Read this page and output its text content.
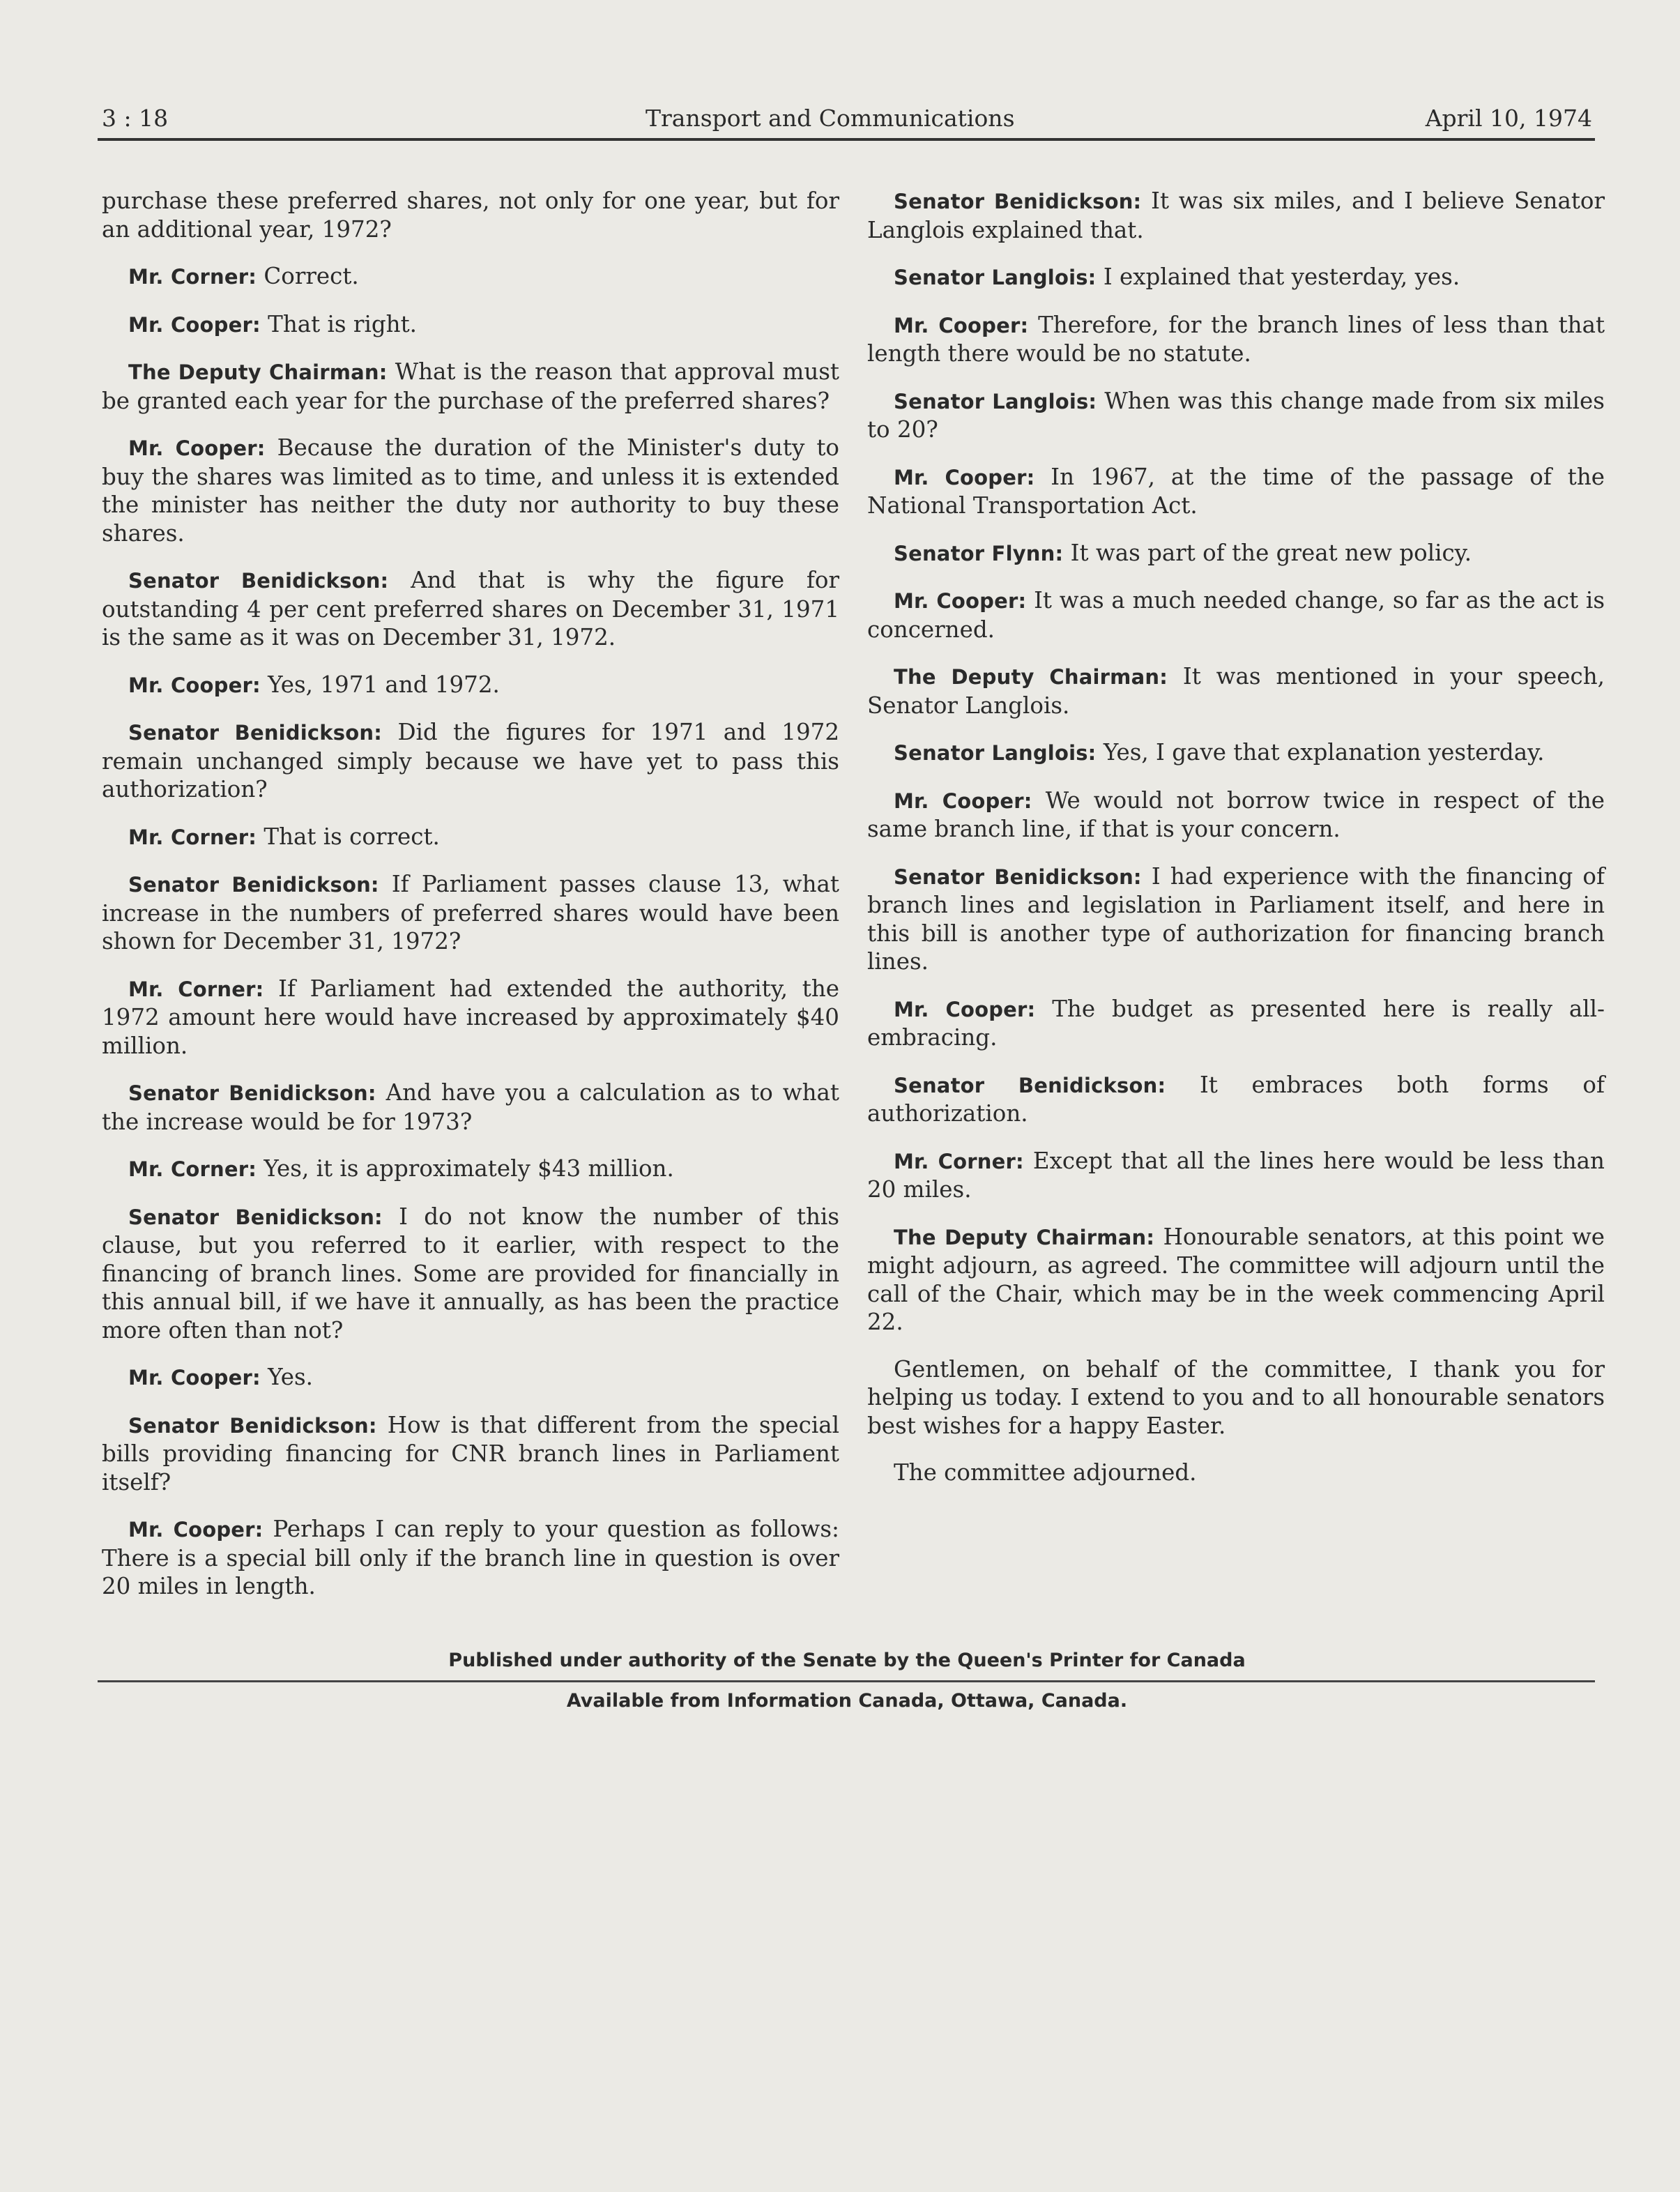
3 : 18	Transport and Communications	April 10, 1974

purchase these preferred shares, not only for one year, but for an additional year, 1972?

Mr. Corner: Correct.

Mr. Cooper: That is right.

The Deputy Chairman: What is the reason that approval must be granted each year for the purchase of the preferred shares?

Mr. Cooper: Because the duration of the Minister's duty to buy the shares was limited as to time, and unless it is extended the minister has neither the duty nor authority to buy these shares.

Senator Benidickson: And that is why the figure for outstanding 4 per cent preferred shares on December 31, 1971 is the same as it was on December 31, 1972.

Mr. Cooper: Yes, 1971 and 1972.

Senator Benidickson: Did the figures for 1971 and 1972 remain unchanged simply because we have yet to pass this authorization?

Mr. Corner: That is correct.

Senator Benidickson: If Parliament passes clause 13, what increase in the numbers of preferred shares would have been shown for December 31, 1972?

Mr. Corner: If Parliament had extended the authority, the 1972 amount here would have increased by approximately $40 million.

Senator Benidickson: And have you a calculation as to what the increase would be for 1973?

Mr. Corner: Yes, it is approximately $43 million.

Senator Benidickson: I do not know the number of this clause, but you referred to it earlier, with respect to the financing of branch lines. Some are provided for financially in this annual bill, if we have it annually, as has been the practice more often than not?

Mr. Cooper: Yes.

Senator Benidickson: How is that different from the special bills providing financing for CNR branch lines in Parliament itself?

Mr. Cooper: Perhaps I can reply to your question as follows: There is a special bill only if the branch line in question is over 20 miles in length.

Senator Benidickson: It was six miles, and I believe Senator Langlois explained that.

Senator Langlois: I explained that yesterday, yes.

Mr. Cooper: Therefore, for the branch lines of less than that length there would be no statute.

Senator Langlois: When was this change made from six miles to 20?

Mr. Cooper: In 1967, at the time of the passage of the National Transportation Act.

Senator Flynn: It was part of the great new policy.

Mr. Cooper: It was a much needed change, so far as the act is concerned.

The Deputy Chairman: It was mentioned in your speech, Senator Langlois.

Senator Langlois: Yes, I gave that explanation yesterday.

Mr. Cooper: We would not borrow twice in respect of the same branch line, if that is your concern.

Senator Benidickson: I had experience with the financing of branch lines and legislation in Parliament itself, and here in this bill is another type of authorization for financing branch lines.

Mr. Cooper: The budget as presented here is really all-embracing.

Senator Benidickson: It embraces both forms of authorization.

Mr. Corner: Except that all the lines here would be less than 20 miles.

The Deputy Chairman: Honourable senators, at this point we might adjourn, as agreed. The committee will adjourn until the call of the Chair, which may be in the week commencing April 22.

Gentlemen, on behalf of the committee, I thank you for helping us today. I extend to you and to all honourable senators best wishes for a happy Easter.

The committee adjourned.

Published under authority of the Senate by the Queen's Printer for Canada
Available from Information Canada, Ottawa, Canada.
